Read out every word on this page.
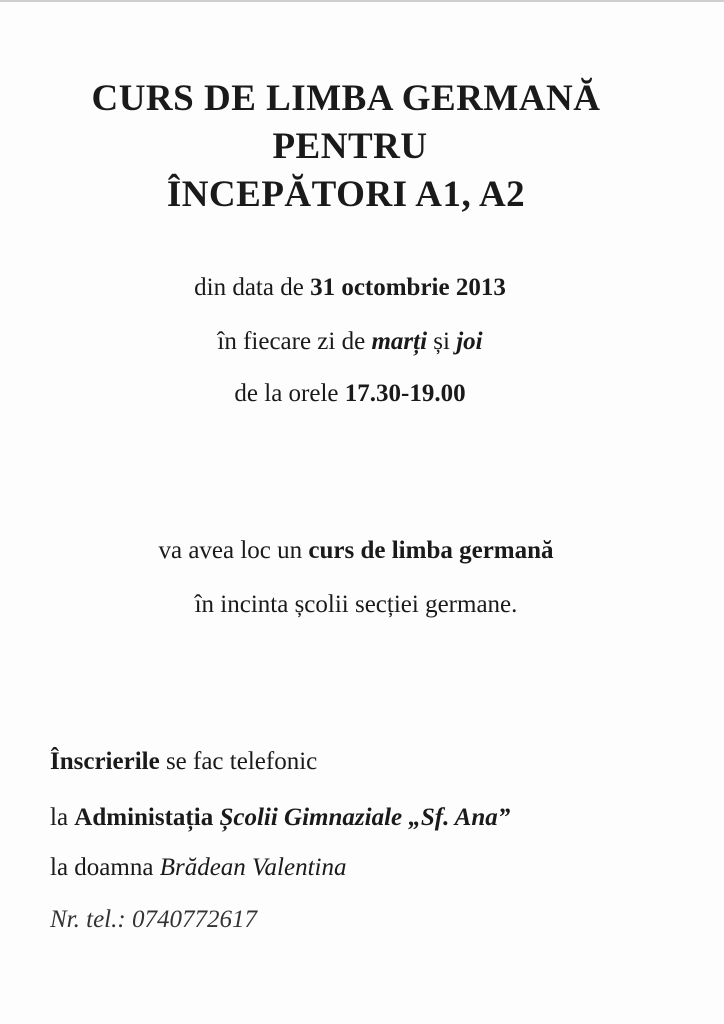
CURS DE LIMBA GERMANĂ
PENTRU
ÎNCEPĂTORI A1, A2
din data de 31 octombrie 2013
în fiecare zi de marți și joi
de la orele 17.30-19.00
va avea loc un curs de limba germană
în incinta școlii secției germane.
Înscrierile se fac telefonic
la Administația Școlii Gimnaziale „Sf. Ana”
la doamna Brădean Valentina
Nr. tel.: 0740772617
